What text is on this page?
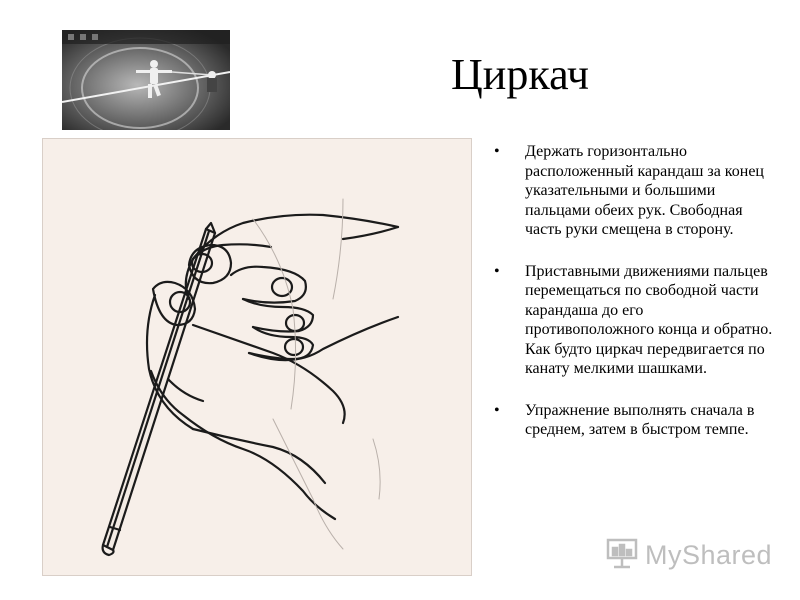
Циркач
• Держать горизонтально расположенный карандаш за конец указательными и большими пальцами обеих рук. Свободная часть руки смещена в сторону.
• Приставными движениями пальцев перемещаться по свободной части карандаша до его противоположного конца и обратно. Как будто циркач передвигается по канату мелкими шашками.
• Упражнение выполнять сначала в среднем, затем в быстром темпе.
MyShared
